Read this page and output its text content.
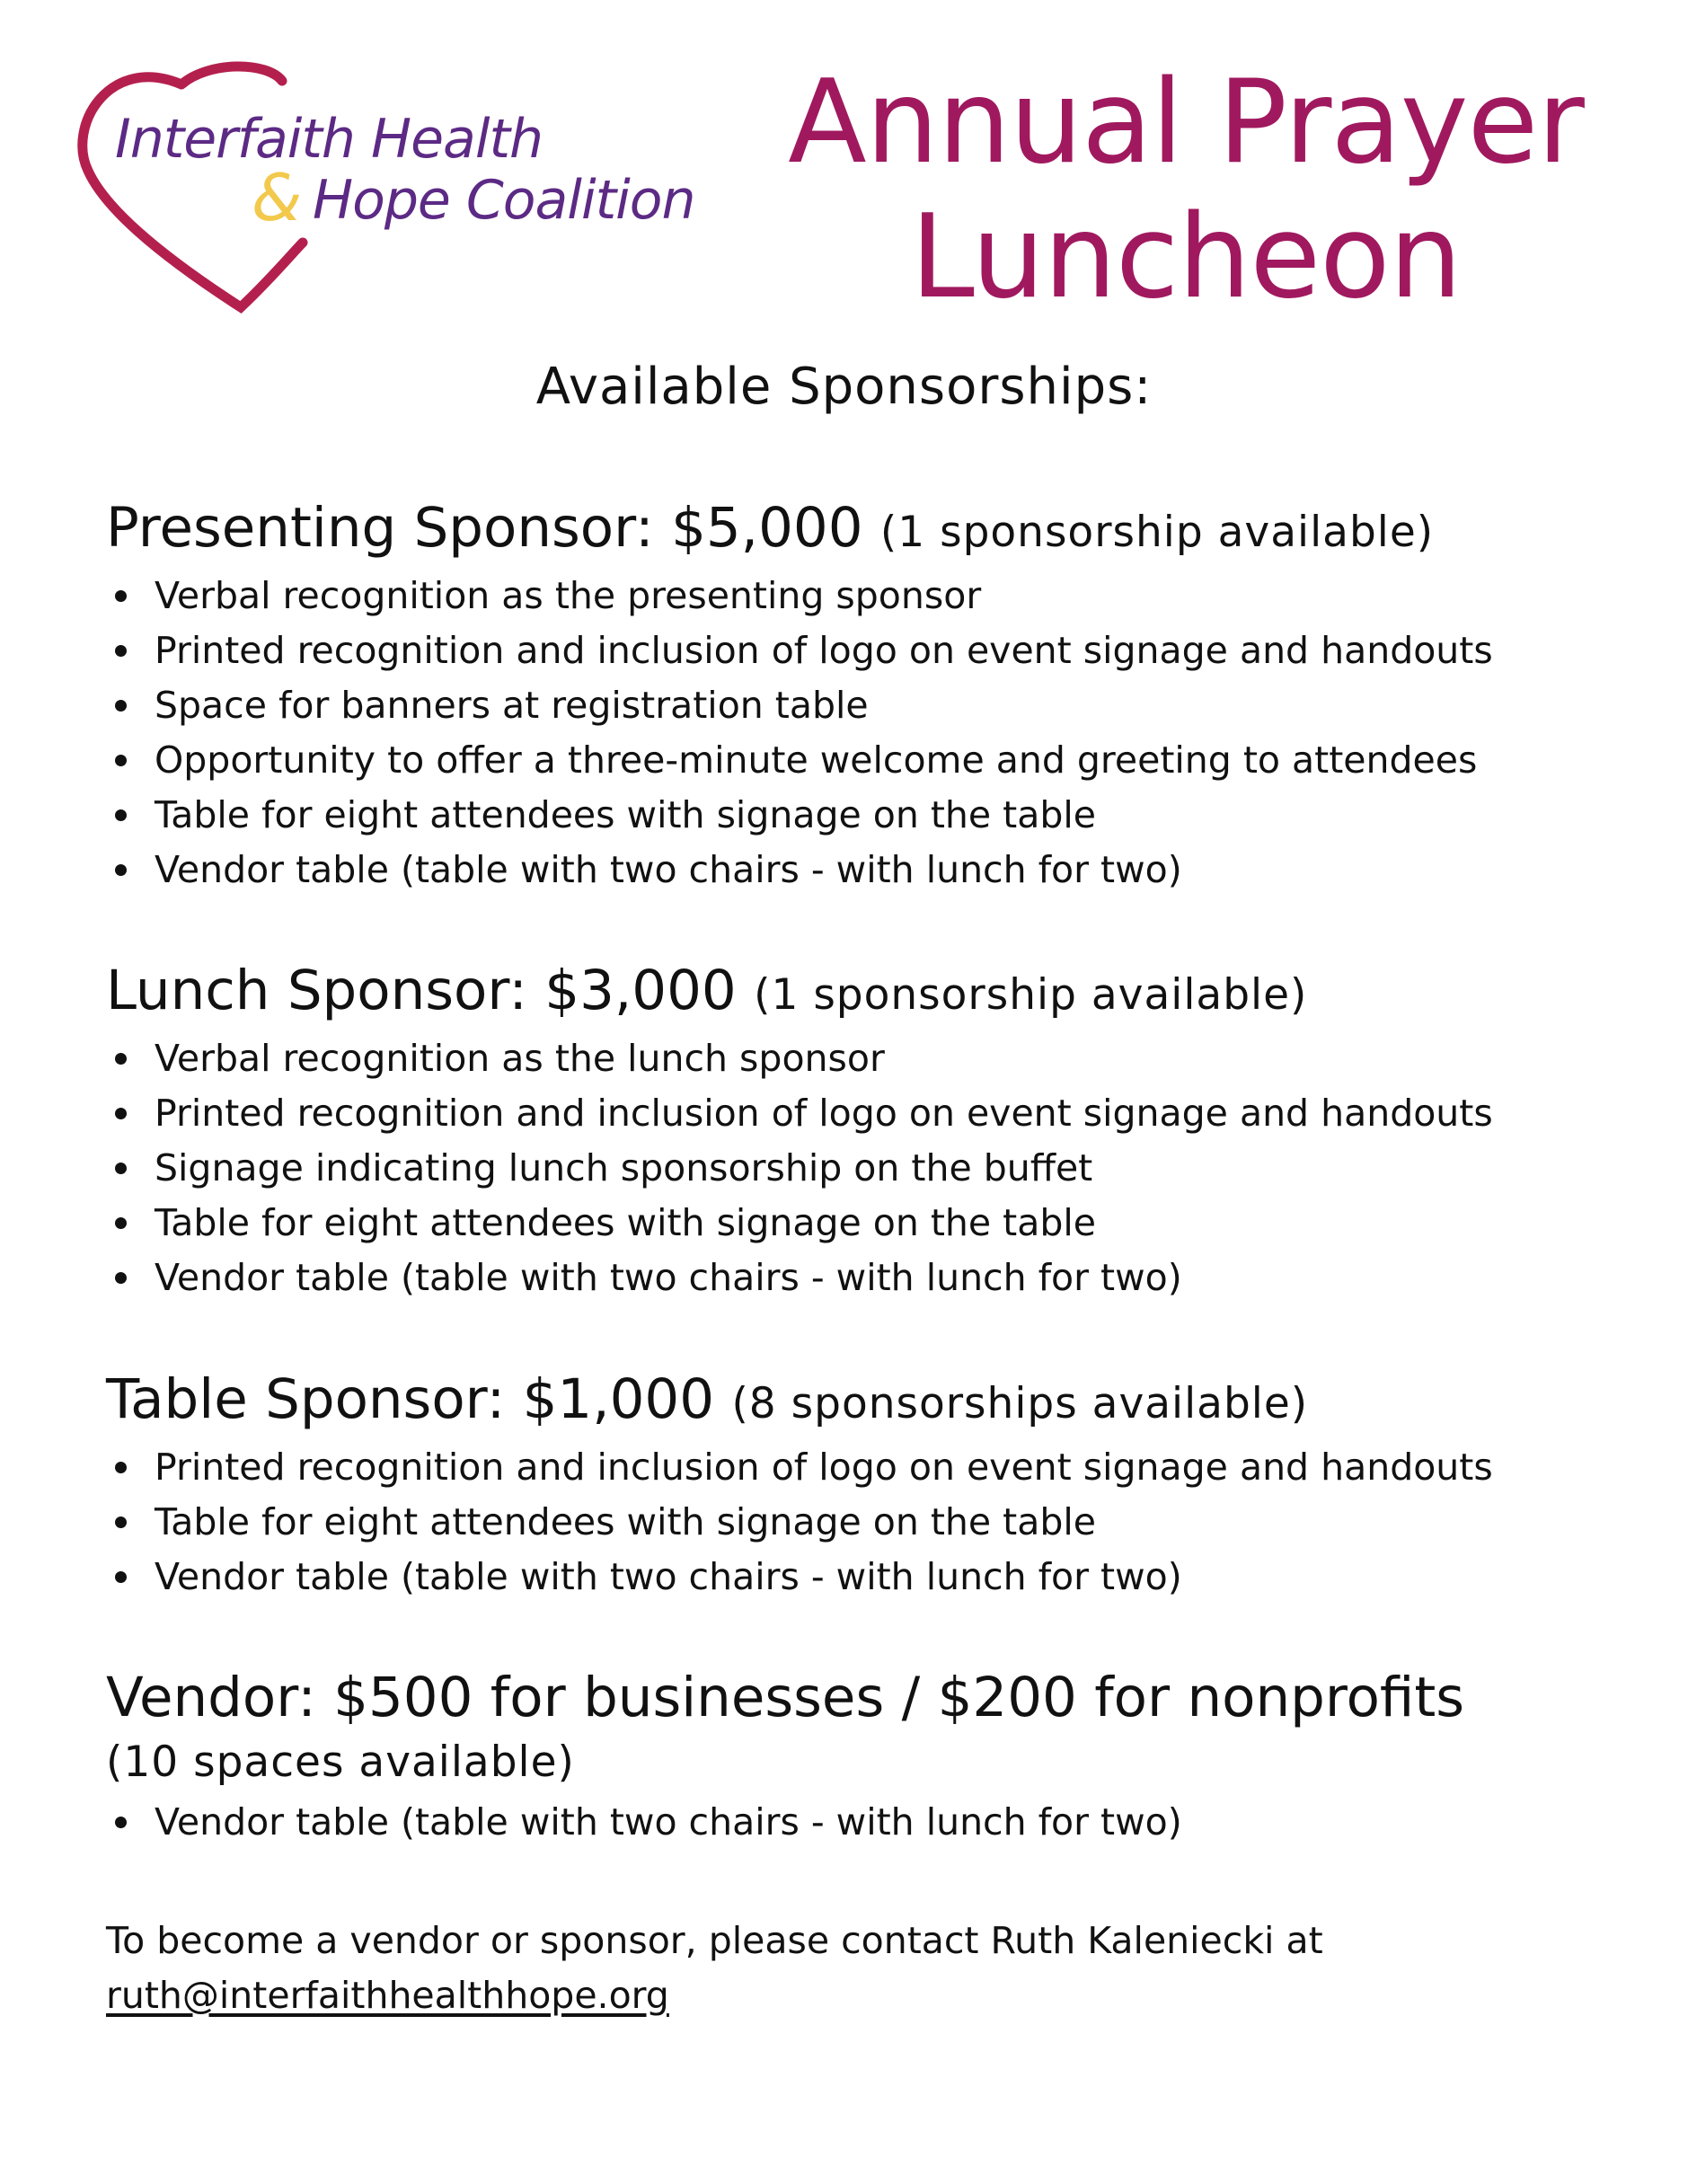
Interfaith Health
& Hope Coalition
Annual Prayer
Luncheon
Available Sponsorships:
Presenting Sponsor: $5,000 (1 sponsorship available)
Verbal recognition as the presenting sponsor
Printed recognition and inclusion of logo on event signage and handouts
Space for banners at registration table
Opportunity to offer a three-minute welcome and greeting to attendees
Table for eight attendees with signage on the table
Vendor table (table with two chairs - with lunch for two)
Lunch Sponsor: $3,000 (1 sponsorship available)
Verbal recognition as the lunch sponsor
Printed recognition and inclusion of logo on event signage and handouts
Signage indicating lunch sponsorship on the buffet
Table for eight attendees with signage on the table
Vendor table (table with two chairs - with lunch for two)
Table Sponsor: $1,000 (8 sponsorships available)
Printed recognition and inclusion of logo on event signage and handouts
Table for eight attendees with signage on the table
Vendor table (table with two chairs - with lunch for two)
Vendor: $500 for businesses / $200 for nonprofits
(10 spaces available)
Vendor table (table with two chairs - with lunch for two)
To become a vendor or sponsor, please contact Ruth Kaleniecki at
ruth@interfaithhealthhope.org
